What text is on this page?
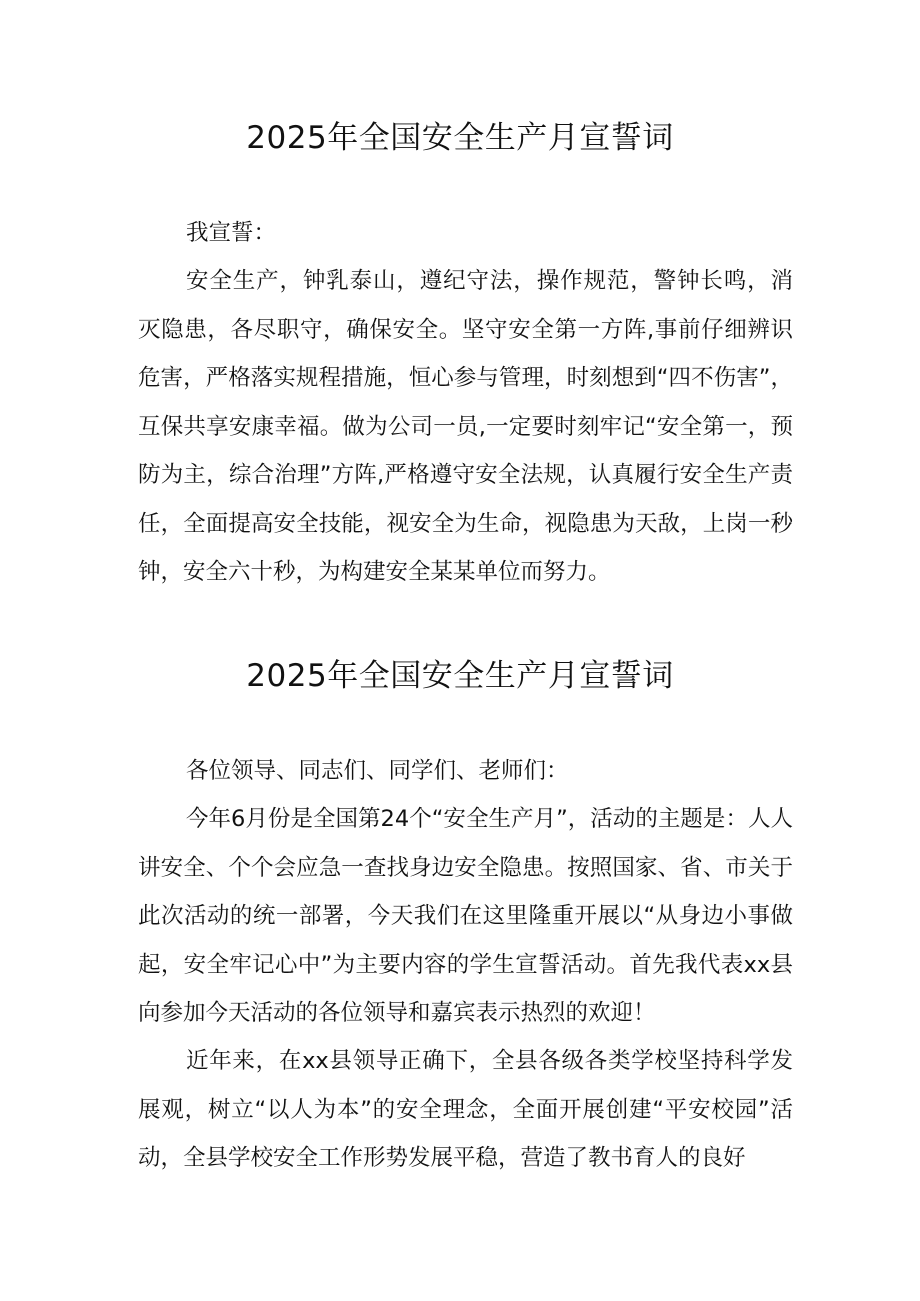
2025年全国安全生产月宣誓词

我宣誓：

安全生产，钟乳泰山，遵纪守法，操作规范，警钟长鸣，消灭隐患，各尽职守，确保安全。坚守安全第一方阵,事前仔细辨识危害，严格落实规程措施，恒心参与管理，时刻想到“四不伤害”，互保共享安康幸福。做为公司一员,一定要时刻牢记“安全第一，预防为主，综合治理”方阵,严格遵守安全法规，认真履行安全生产责任，全面提高安全技能，视安全为生命，视隐患为天敌，上岗一秒钟，安全六十秒，为构建安全某某单位而努力。

2025年全国安全生产月宣誓词

各位领导、同志们、同学们、老师们：

今年6月份是全国第24个“安全生产月”，活动的主题是：人人讲安全、个个会应急一查找身边安全隐患。按照国家、省、市关于此次活动的统一部署，今天我们在这里隆重开展以“从身边小事做起，安全牢记心中”为主要内容的学生宣誓活动。首先我代表xx县向参加今天活动的各位领导和嘉宾表示热烈的欢迎！

近年来，在xx县领导正确下，全县各级各类学校坚持科学发展观，树立“以人为本”的安全理念，全面开展创建“平安校园”活动，全县学校安全工作形势发展平稳，营造了教书育人的良好
